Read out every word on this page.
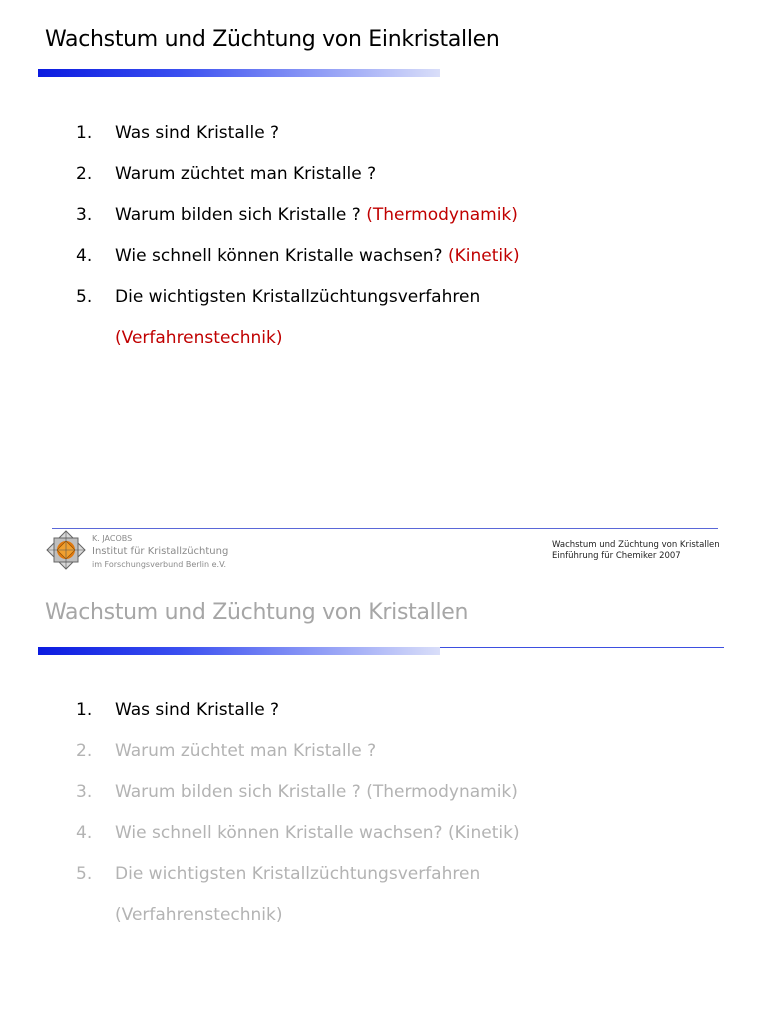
Wachstum und Züchtung von Einkristallen
1. Was sind Kristalle ?
2. Warum züchtet man Kristalle ?
3. Warum bilden sich Kristalle ? (Thermodynamik)
4. Wie schnell können Kristalle wachsen? (Kinetik)
5. Die wichtigsten Kristallzüchtungsverfahren
(Verfahrenstechnik)
K. JACOBS
Institut für Kristallzüchtung
im Forschungsverbund Berlin e.V.
Wachstum und Züchtung von Kristallen
Einführung für Chemiker 2007
Wachstum und Züchtung von Kristallen
1. Was sind Kristalle ?
2. Warum züchtet man Kristalle ?
3. Warum bilden sich Kristalle ? (Thermodynamik)
4. Wie schnell können Kristalle wachsen? (Kinetik)
5. Die wichtigsten Kristallzüchtungsverfahren
(Verfahrenstechnik)
